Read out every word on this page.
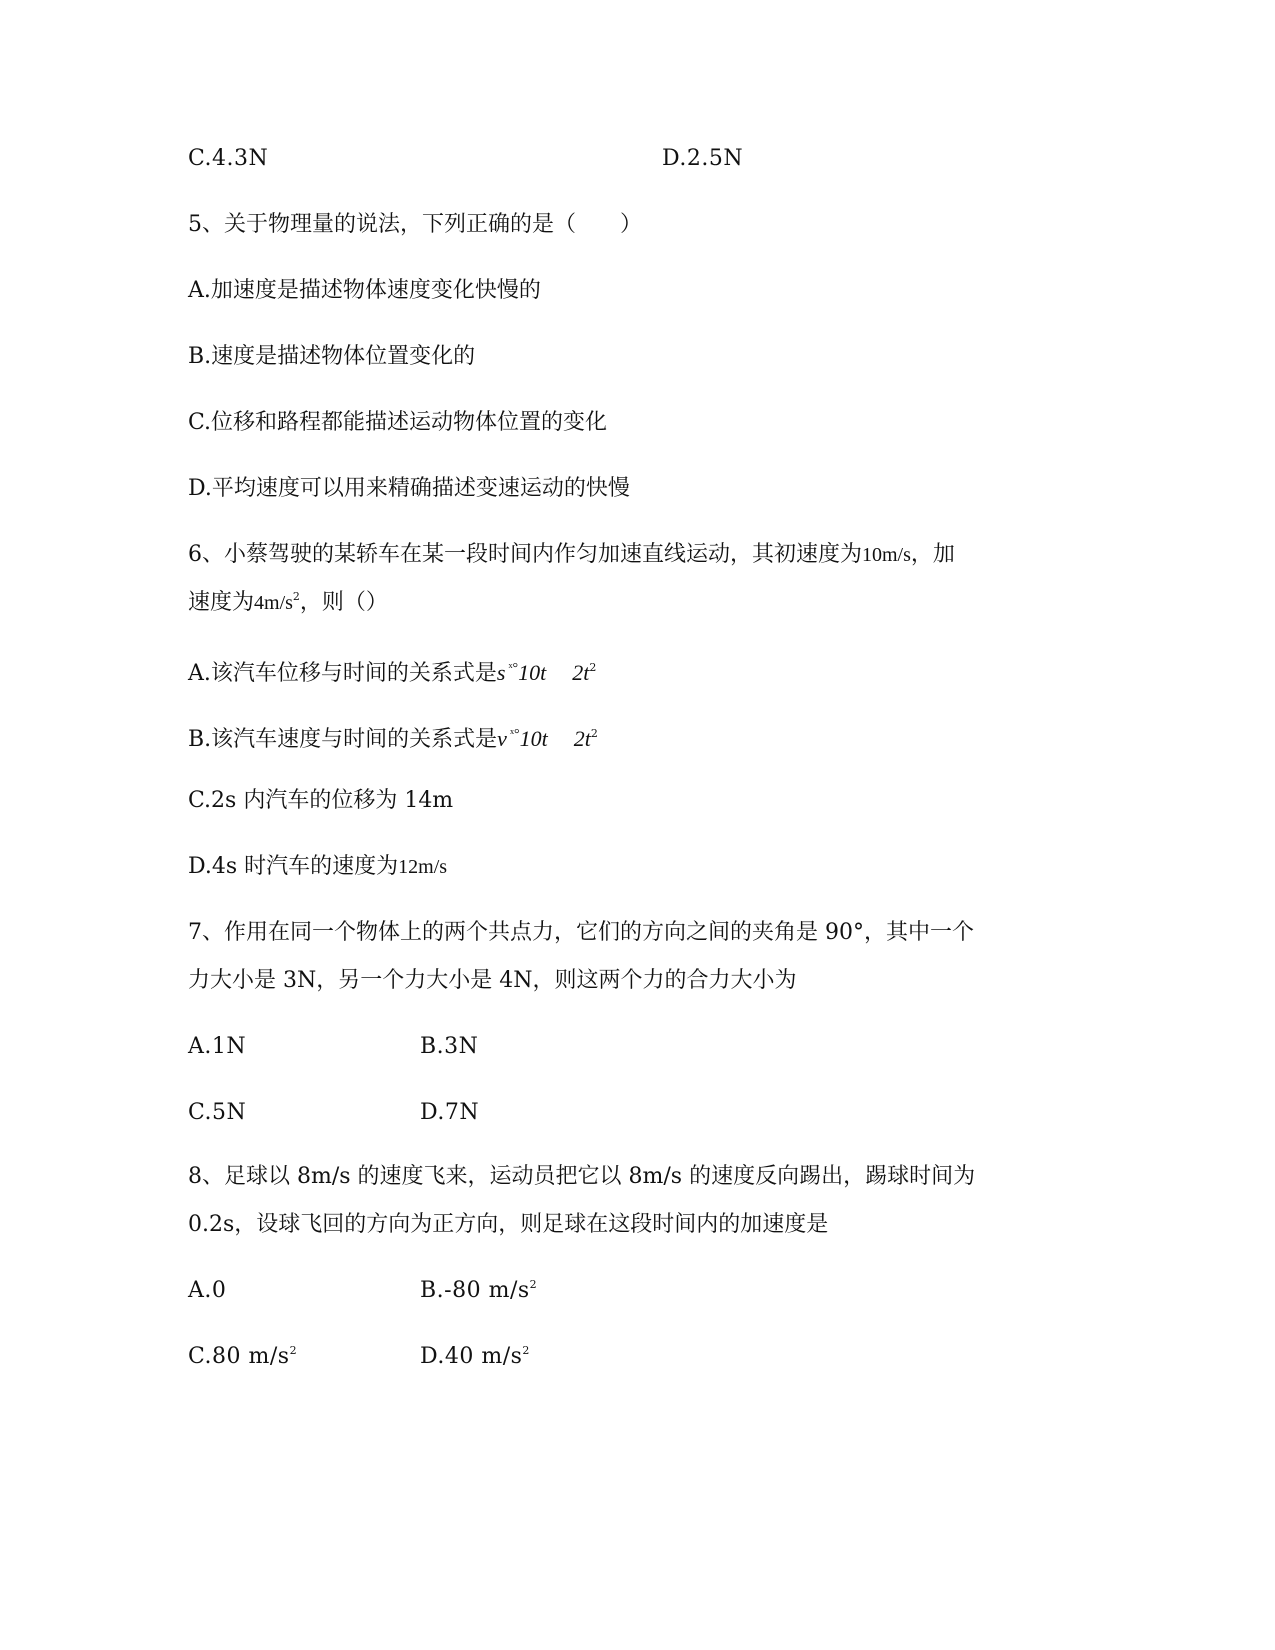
C.4.3N	D.2.5N
5、关于物理量的说法，下列正确的是（　　）
A.加速度是描述物体速度变化快慢的
B.速度是描述物体位置变化的
C.位移和路程都能描述运动物体位置的变化
D.平均速度可以用来精确描述变速运动的快慢
6、小蔡驾驶的某轿车在某一段时间内作匀加速直线运动，其初速度为10m/s，加
速度为$4m/s^2$，则（）
A.该汽车位移与时间的关系式是s $^{ˣ^\circ}$10t $2t^2$
B.该汽车速度与时间的关系式是v $^{ˣ^\circ}$10t $2t^2$
C.2s 内汽车的位移为 14m
D.4s 时汽车的速度为12m/s
7、作用在同一个物体上的两个共点力，它们的方向之间的夹角是 90°，其中一个
力大小是 3N，另一个力大小是 4N，则这两个力的合力大小为
A.1N	B.3N
C.5N	D.7N
8、足球以 8m/s 的速度飞来，运动员把它以 8m/s 的速度反向踢出，踢球时间为
0.2s，设球飞回的方向为正方向，则足球在这段时间内的加速度是
A.0	B.-80 $m/s^2$
C.80 $m/s^2$	D.40 $m/s^2$
